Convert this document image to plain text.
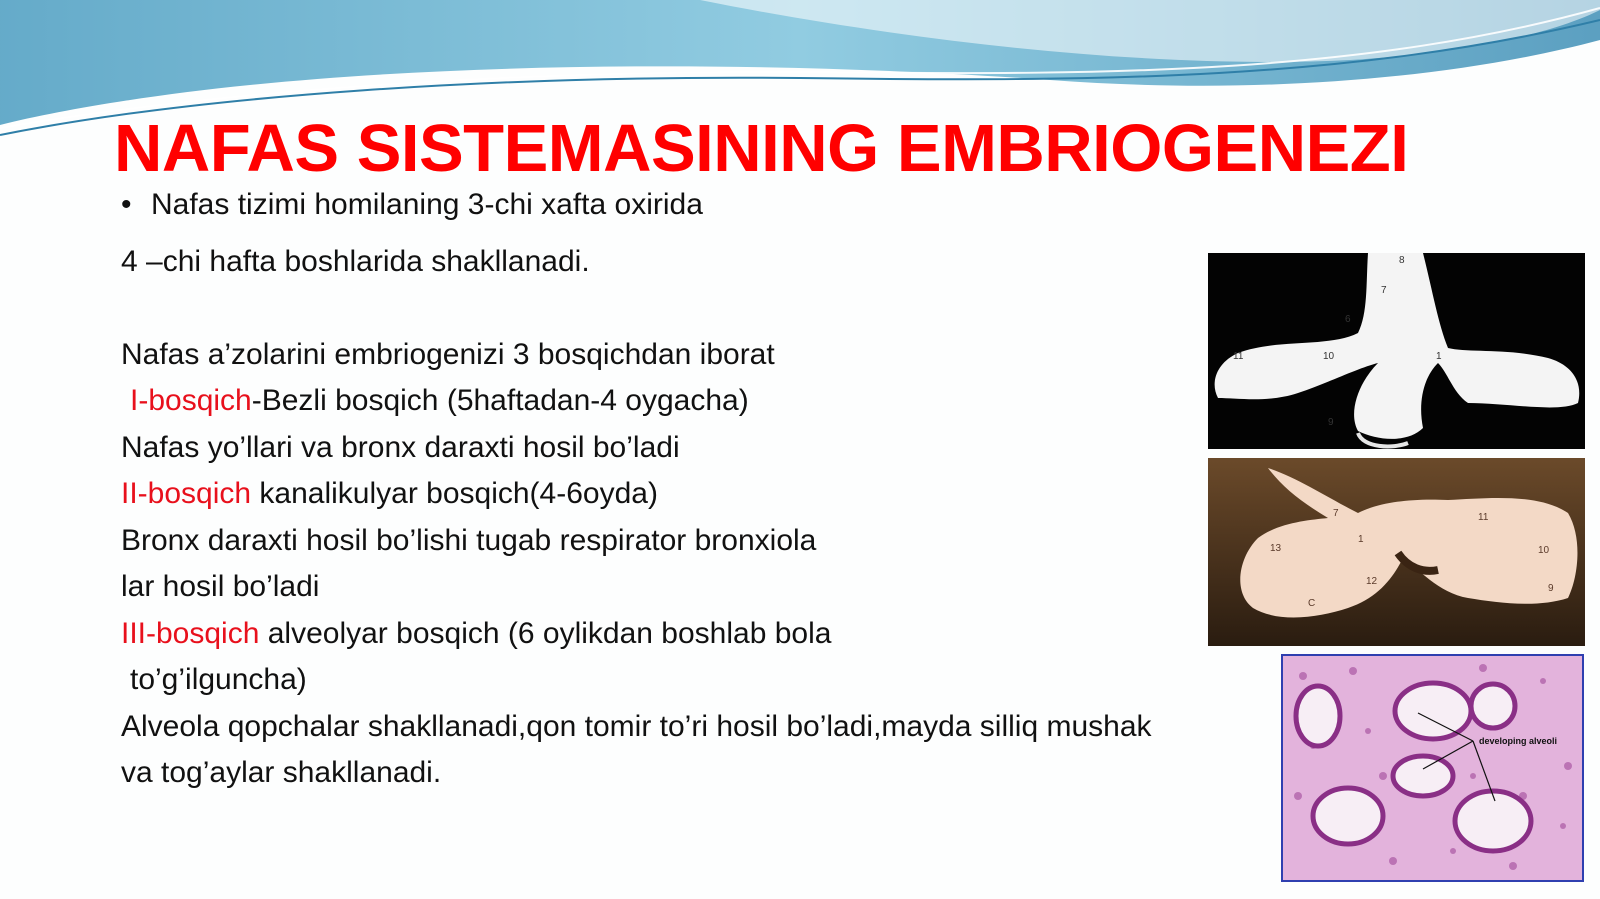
NAFAS SISTEMASINING EMBRIOGENEZI
• Nafas tizimi homilaning 3-chi xafta oxirida
4 –chi hafta boshlarida shakllanadi.
Nafas a’zolarini embriogenizi 3 bosqichdan iborat
I-bosqich-Bezli bosqich (5haftadan-4 oygacha)
Nafas yo’llari va bronx daraxti hosil bo’ladi
II-bosqich kanalikulyar bosqich(4-6oyda)
Bronx daraxti hosil bo’lishi tugab respirator bronxiola
lar hosil bo’ladi
III-bosqich alveolyar bosqich (6 oylikdan boshlab bola
to’g’ilguncha)
Alveola qopchalar shakllanadi,qon tomir to’ri hosil bo’ladi,mayda silliq mushak
va tog’aylar shakllanadi.
8
7
6
11	10	1
9
7
1
13
12
11
10
9
C
developing alveoli
